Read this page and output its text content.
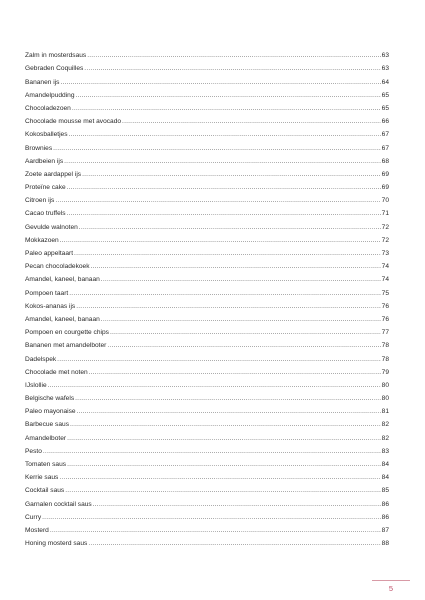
Zalm in mosterdsaus .....	63
Gebraden Coquilles .....	63
Bananen ijs .....	64
Amandelpudding .....	65
Chocoladezoen .....	65
Chocolade mousse met avocado .....	66
Kokosballetjes .....	67
Brownies .....	67
Aardbeien ijs .....	68
Zoete aardappel ijs .....	69
Proteïne cake .....	69
Citroen ijs .....	70
Cacao truffels .....	71
Gevulde walnoten .....	72
Mokkazoen .....	72
Paleo appeltaart .....	73
Pecan chocoladekoek .....	74
Amandel, kaneel, banaan .....	74
Pompoen taart .....	75
Kokos-ananas ijs .....	76
Amandel, kaneel, banaan .....	76
Pompoen en courgette chips .....	77
Bananen met amandelboter .....	78
Dadelspek .....	78
Chocolade met noten .....	79
IJslollie .....	80
Belgische wafels .....	80
Paleo mayonaise .....	81
Barbecue saus .....	82
Amandelboter .....	82
Pesto .....	83
Tomaten saus .....	84
Kerrie saus .....	84
Cocktail saus .....	85
Garnalen cocktail saus .....	86
Curry .....	86
Mosterd .....	87
Honing mosterd saus .....	88
5
